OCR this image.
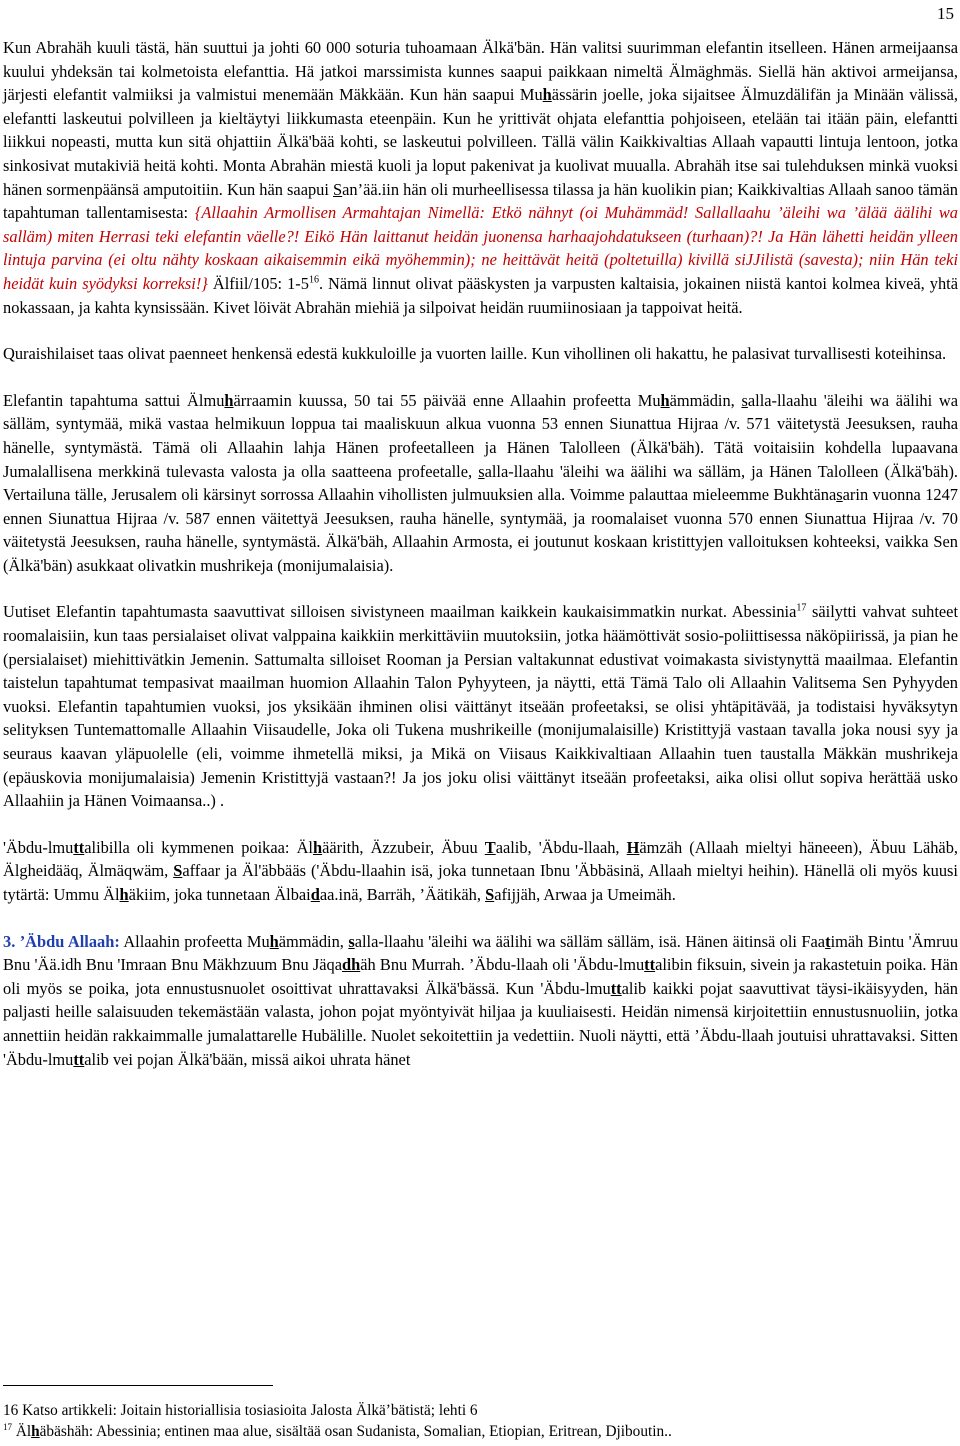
15

Kun Abrahäh kuuli tästä, hän suuttui ja johti 60 000 soturia tuhoamaan Älkä'bän. Hän valitsi suurimman elefantin itselleen. Hänen armeijaansa kuului yhdeksän tai kolmetoista elefanttia. Hä jatkoi marssimista kunnes saapui paikkaan nimeltä Älmäghmäs. Siellä hän aktivoi armeijansa, järjesti elefantit valmiiksi ja valmistui menemään Mäkkään. Kun hän saapui Muhässärin joelle, joka sijaitsee Älmuzdälifän ja Minään välissä, elefantti laskeutui polvilleen ja kieltäytyi liikkumasta eteenpäin. Kun he yrittivät ohjata elefanttia pohjoiseen, etelään tai itään päin, elefantti liikkui nopeasti, mutta kun sitä ohjattiin Älkä'bää kohti, se laskeutui polvilleen. Tällä välin Kaikkivaltias Allaah vapautti lintuja lentoon, jotka sinkosivat mutakiviä heitä kohti. Monta Abrahän miestä kuoli ja loput pakenivat ja kuolivat muualla. Abrahäh itse sai tulehduksen minkä vuoksi hänen sormenpäänsä amputoitiin. Kun hän saapui San’ää.iin hän oli murheellisessa tilassa ja hän kuolikin pian; Kaikkivaltias Allaah sanoo tämän tapahtuman tallentamisesta: {Allaahin Armollisen Armahtajan Nimellä: Etkö nähnyt (oi Muhämmäd! Sallallaahu ’äleihi wa ’älää äälihi wa salläm) miten Herrasi teki elefantin väelle?! Eikö Hän laittanut heidän juonensa harhaajohdatukseen (turhaan)?! Ja Hän lähetti heidän ylleen lintuja parvina (ei oltu nähty koskaan aikaisemmin eikä myöhemmin); ne heittävät heitä (poltetuilla) kivillä siJJilistä (savesta); niin Hän teki heidät kuin syödyksi korreksi!} Älfiil/105: $1-5^{16}$. Nämä linnut olivat pääskysten ja varpusten kaltaisia, jokainen niistä kantoi kolmea kiveä, yhtä nokassaan, ja kahta kynsissään. Kivet löivät Abrahän miehiä ja silpoivat heidän ruumiinosiaan ja tappoivat heitä.

Quraishilaiset taas olivat paenneet henkensä edestä kukkuloille ja vuorten laille. Kun vihollinen oli hakattu, he palasivat turvallisesti koteihinsa.

Elefantin tapahtuma sattui Älmuhärraamin kuussa, 50 tai 55 päivää enne Allaahin profeetta Muhämmädin, salla-llaahu 'äleihi wa äälihi wa sälläm, syntymää, mikä vastaa helmikuun loppua tai maaliskuun alkua vuonna 53 ennen Siunattua Hijraa /v. 571 väitetystä Jeesuksen, rauha hänelle, syntymästä. Tämä oli Allaahin lahja Hänen profeetalleen ja Hänen Talolleen (Älkä'bäh). Tätä voitaisiin kohdella lupaavana Jumalallisena merkkinä tulevasta valosta ja olla saatteena profeetalle, salla-llaahu 'äleihi wa äälihi wa sälläm, ja Hänen Talolleen (Älkä'bäh). Vertailuna tälle, Jerusalem oli kärsinyt sorrossa Allaahin vihollisten julmuuksien alla. Voimme palauttaa mieleemme Bukhtänasarin vuonna 1247 ennen Siunattua Hijraa /v. 587 ennen väitettyä Jeesuksen, rauha hänelle, syntymää, ja roomalaiset vuonna 570 ennen Siunattua Hijraa /v. 70 väitetystä Jeesuksen, rauha hänelle, syntymästä. Älkä'bäh, Allaahin Armosta, ei joutunut koskaan kristittyjen valloituksen kohteeksi, vaikka Sen (Älkä'bän) asukkaat olivatkin mushrikeja (monijumalaisia).

Uutiset Elefantin tapahtumasta saavuttivat silloisen sivistyneen maailman kaikkein kaukaisimmatkin nurkat. Abessinia$^{17}$ säilytti vahvat suhteet roomalaisiin, kun taas persialaiset olivat valppaina kaikkiin merkittäviin muutoksiin, jotka häämöttivät sosio-poliittisessa näköpiirissä, ja pian he (persialaiset) miehittivätkin Jemenin. Sattumalta silloiset Rooman ja Persian valtakunnat edustivat voimakasta sivistynyttä maailmaa. Elefantin taistelun tapahtumat tempasivat maailman huomion Allaahin Talon Pyhyyteen, ja näytti, että Tämä Talo oli Allaahin Valitsema Sen Pyhyyden vuoksi. Elefantin tapahtumien vuoksi, jos yksikään ihminen olisi väittänyt itseään profeetaksi, se olisi yhtäpitävää, ja todistaisi hyväksytyn selityksen Tuntemattomalle Allaahin Viisaudelle, Joka oli Tukena mushrikeille (monijumalaisille) Kristittyjä vastaan tavalla joka nousi syy ja seuraus kaavan yläpuolelle (eli, voimme ihmetellä miksi, ja Mikä on Viisaus Kaikkivaltiaan Allaahin tuen taustalla Mäkkän mushrikeja (epäuskovia monijumalaisia) Jemenin Kristittyjä vastaan?! Ja jos joku olisi väittänyt itseään profeetaksi, aika olisi ollut sopiva herättää usko Allaahiin ja Hänen Voimaansa..) .

'Äbdu-lmuttalibilla oli kymmenen poikaa: Älhäärith, Äzzubeir, Äbuu Taalib, 'Äbdu-llaah, Hämzäh (Allaah mieltyi häneeen), Äbuu Lähäb, Älgheidääq, Älmäqwäm, Saffaar ja Äl'äbbääs ('Äbdu-llaahin isä, joka tunnetaan Ibnu 'Äbbäsinä, Allaah mieltyi heihin). Hänellä oli myös kuusi tytärtä: Ummu Älhäkiim, joka tunnetaan Älbaidaa.inä, Barräh, ’Äätikäh, Safijjäh, Arwaa ja Umeimäh.

3. ’Äbdu Allaah: Allaahin profeetta Muhämmädin, salla-llaahu 'äleihi wa äälihi wa sälläm sälläm, isä. Hänen äitinsä oli Faatimäh Bintu 'Ämruu Bnu 'Ää.idh Bnu 'Imraan Bnu Mäkhzuum Bnu Jäqadhäh Bnu Murrah. ’Äbdu-llaah oli 'Äbdu-lmuttalibin fiksuin, sivein ja rakastetuin poika. Hän oli myös se poika, jota ennustusnuolet osoittivat uhrattavaksi Älkä'bässä. Kun 'Äbdu-lmuttalib kaikki pojat saavuttivat täysi-ikäisyyden, hän paljasti heille salaisuuden tekemästään valasta, johon pojat myöntyivät hiljaa ja kuuliaisesti. Heidän nimensä kirjoitettiin ennustusnuoliin, jotka annettiin heidän rakkaimmalle jumalattarelle Hubälille. Nuolet sekoitettiin ja vedettiin. Nuoli näytti, että ’Äbdu-llaah joutuisi uhrattavaksi. Sitten 'Äbdu-lmuttalib vei pojan Älkä'bään, missä aikoi uhrata hänet

16 Katso artikkeli: Joitain historiallisia tosiasioita Jalosta Älkä’bätistä; lehti 6
$^{17}$ Älhäbäshäh: Abessinia; entinen maa alue, sisältää osan Sudanista, Somalian, Etiopian, Eritrean, Djiboutin..
